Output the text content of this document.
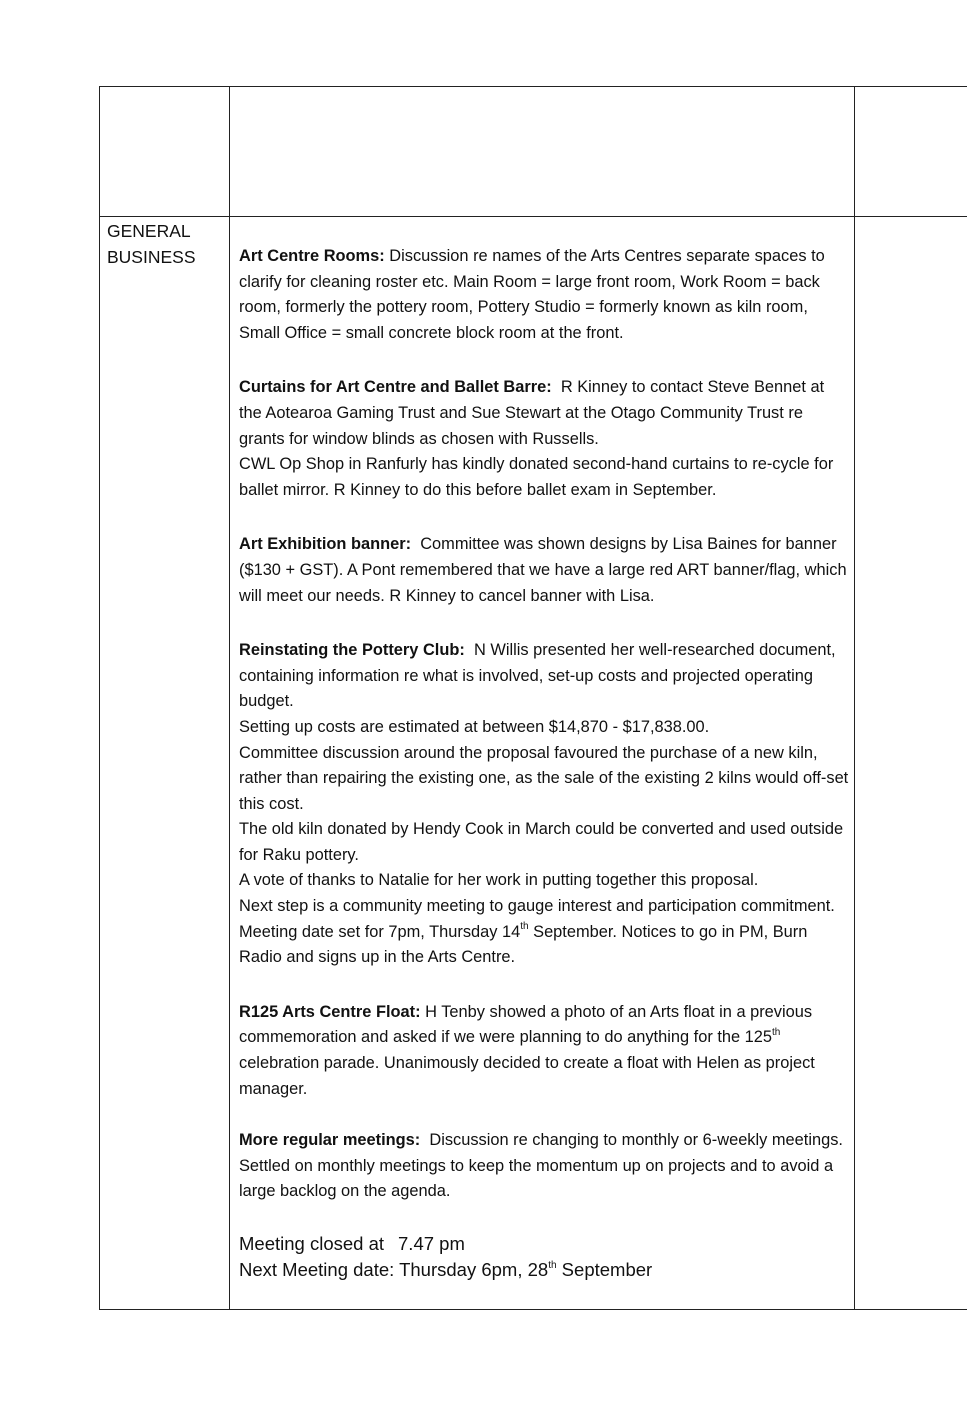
GENERAL
BUSINESS	Art Centre Rooms: Discussion re names of the Arts Centres separate spaces to clarify for cleaning roster etc. Main Room = large front room, Work Room = back room, formerly the pottery room, Pottery Studio = formerly known as kiln room, Small Office = small concrete block room at the front.

Curtains for Art Centre and Ballet Barre: R Kinney to contact Steve Bennet at the Aotearoa Gaming Trust and Sue Stewart at the Otago Community Trust re grants for window blinds as chosen with Russells.
CWL Op Shop in Ranfurly has kindly donated second-hand curtains to re-cycle for ballet mirror. R Kinney to do this before ballet exam in September.

Art Exhibition banner: Committee was shown designs by Lisa Baines for banner ($130 + GST). A Pont remembered that we have a large red ART banner/flag, which will meet our needs. R Kinney to cancel banner with Lisa.

Reinstating the Pottery Club: N Willis presented her well-researched document, containing information re what is involved, set-up costs and projected operating budget.
Setting up costs are estimated at between $14,870 - $17,838.00.
Committee discussion around the proposal favoured the purchase of a new kiln, rather than repairing the existing one, as the sale of the existing 2 kilns would off-set this cost.
The old kiln donated by Hendy Cook in March could be converted and used outside for Raku pottery.
A vote of thanks to Natalie for her work in putting together this proposal.
Next step is a community meeting to gauge interest and participation commitment. Meeting date set for 7pm, Thursday 14th September. Notices to go in PM, Burn Radio and signs up in the Arts Centre.

R125 Arts Centre Float: H Tenby showed a photo of an Arts float in a previous commemoration and asked if we were planning to do anything for the 125th celebration parade. Unanimously decided to create a float with Helen as project manager.

More regular meetings: Discussion re changing to monthly or 6-weekly meetings. Settled on monthly meetings to keep the momentum up on projects and to avoid a large backlog on the agenda.

Meeting closed at 7.47 pm
Next Meeting date: Thursday 6pm, 28th September
